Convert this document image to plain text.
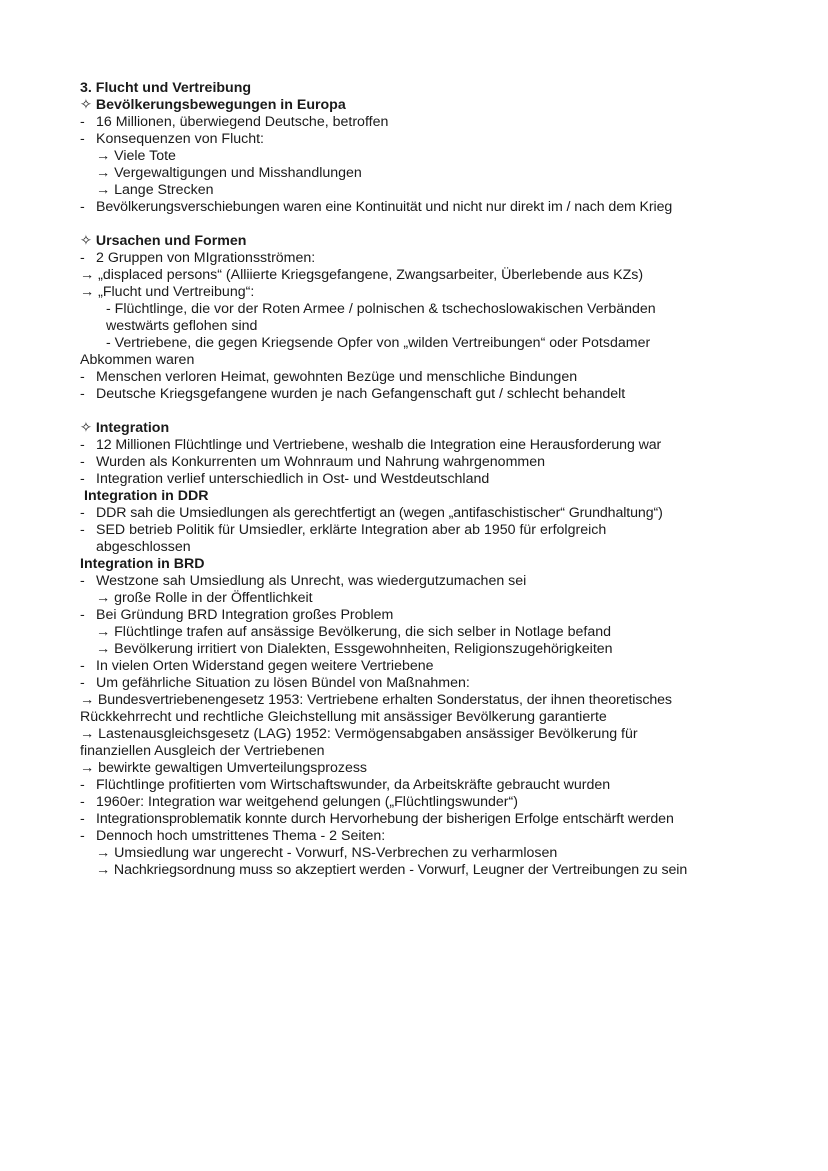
3. Flucht und Vertreibung
✧ Bevölkerungsbewegungen in Europa
- 16 Millionen, überwiegend Deutsche, betroffen
- Konsequenzen von Flucht:
→ Viele Tote
→ Vergewaltigungen und Misshandlungen
→ Lange Strecken
- Bevölkerungsverschiebungen waren eine Kontinuität und nicht nur direkt im / nach dem Krieg
✧ Ursachen und Formen
- 2 Gruppen von MIgrationsströmen:
→ „displaced persons“ (Alliierte Kriegsgefangene, Zwangsarbeiter, Überlebende aus KZs)
→ „Flucht und Vertreibung“:
- Flüchtlinge, die vor der Roten Armee / polnischen & tschechoslowakischen Verbänden
westwärts geflohen sind
- Vertriebene, die gegen Kriegsende Opfer von „wilden Vertreibungen“ oder Potsdamer
Abkommen waren
- Menschen verloren Heimat, gewohnten Bezüge und menschliche Bindungen
- Deutsche Kriegsgefangene wurden je nach Gefangenschaft gut / schlecht behandelt
✧ Integration
- 12 Millionen Flüchtlinge und Vertriebene, weshalb die Integration eine Herausforderung war
- Wurden als Konkurrenten um Wohnraum und Nahrung wahrgenommen
- Integration verlief unterschiedlich in Ost- und Westdeutschland
Integration in DDR
- DDR sah die Umsiedlungen als gerechtfertigt an (wegen „antifaschistischer“ Grundhaltung“)
- SED betrieb Politik für Umsiedler, erklärte Integration aber ab 1950 für erfolgreich
abgeschlossen
Integration in BRD
- Westzone sah Umsiedlung als Unrecht, was wiedergutzumachen sei
→ große Rolle in der Öffentlichkeit
- Bei Gründung BRD Integration großes Problem
→ Flüchtlinge trafen auf ansässige Bevölkerung, die sich selber in Notlage befand
→ Bevölkerung irritiert von Dialekten, Essgewohnheiten, Religionszugehörigkeiten
- In vielen Orten Widerstand gegen weitere Vertriebene
- Um gefährliche Situation zu lösen Bündel von Maßnahmen:
→ Bundesvertriebenengesetz 1953: Vertriebene erhalten Sonderstatus, der ihnen theoretisches
Rückkehrrecht und rechtliche Gleichstellung mit ansässiger Bevölkerung garantierte
→ Lastenausgleichsgesetz (LAG) 1952: Vermögensabgaben ansässiger Bevölkerung für
finanziellen Ausgleich der Vertriebenen
→ bewirkte gewaltigen Umverteilungsprozess
- Flüchtlinge profitierten vom Wirtschaftswunder, da Arbeitskräfte gebraucht wurden
- 1960er: Integration war weitgehend gelungen („Flüchtlingswunder“)
- Integrationsproblematik konnte durch Hervorhebung der bisherigen Erfolge entschärft werden
- Dennoch hoch umstrittenes Thema - 2 Seiten:
→ Umsiedlung war ungerecht - Vorwurf, NS-Verbrechen zu verharmlosen
→ Nachkriegsordnung muss so akzeptiert werden - Vorwurf, Leugner der Vertreibungen zu sein
